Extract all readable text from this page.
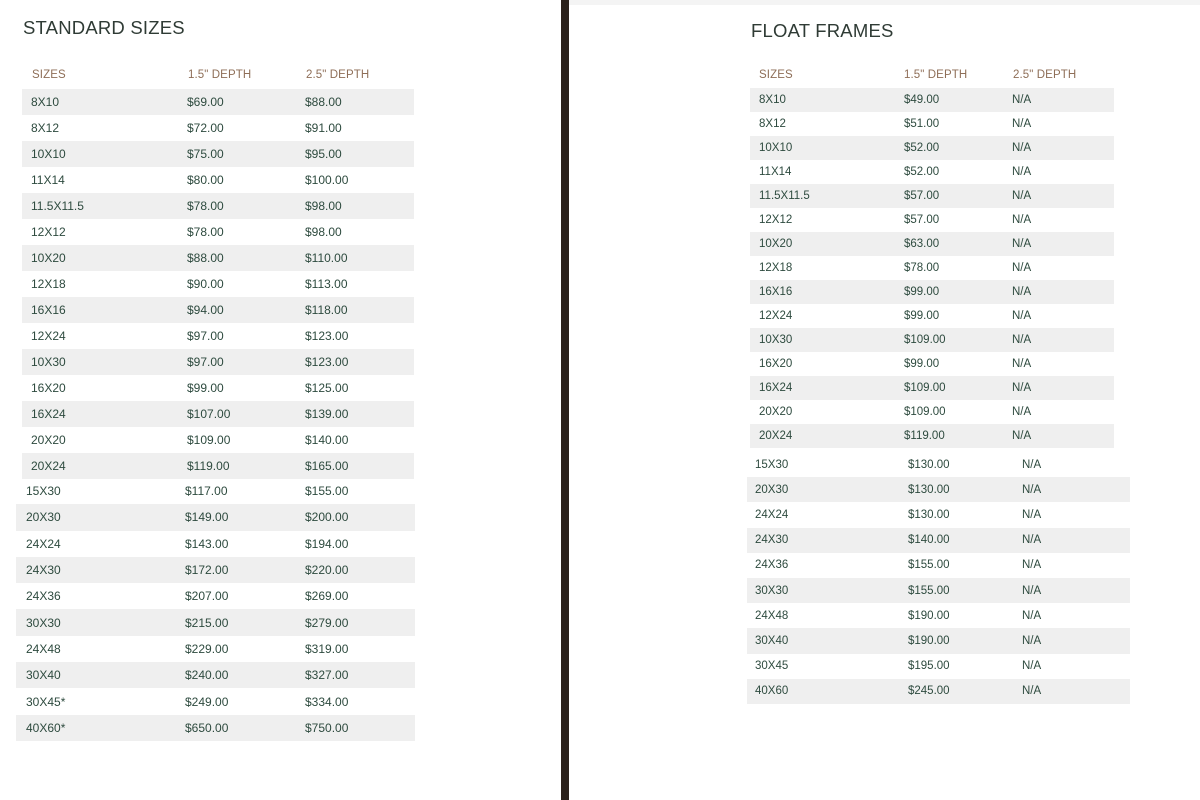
STANDARD SIZES
SIZES	1.5" DEPTH	2.5" DEPTH
8X10	$69.00	$88.00
8X12	$72.00	$91.00
10X10	$75.00	$95.00
11X14	$80.00	$100.00
11.5X11.5	$78.00	$98.00
12X12	$78.00	$98.00
10X20	$88.00	$110.00
12X18	$90.00	$113.00
16X16	$94.00	$118.00
12X24	$97.00	$123.00
10X30	$97.00	$123.00
16X20	$99.00	$125.00
16X24	$107.00	$139.00
20X20	$109.00	$140.00
20X24	$119.00	$165.00
15X30	$117.00	$155.00
20X30	$149.00	$200.00
24X24	$143.00	$194.00
24X30	$172.00	$220.00
24X36	$207.00	$269.00
30X30	$215.00	$279.00
24X48	$229.00	$319.00
30X40	$240.00	$327.00
30X45*	$249.00	$334.00
40X60*	$650.00	$750.00
FLOAT FRAMES
SIZES	1.5" DEPTH	2.5" DEPTH
8X10	$49.00	N/A
8X12	$51.00	N/A
10X10	$52.00	N/A
11X14	$52.00	N/A
11.5X11.5	$57.00	N/A
12X12	$57.00	N/A
10X20	$63.00	N/A
12X18	$78.00	N/A
16X16	$99.00	N/A
12X24	$99.00	N/A
10X30	$109.00	N/A
16X20	$99.00	N/A
16X24	$109.00	N/A
20X20	$109.00	N/A
20X24	$119.00	N/A
15X30	$130.00	N/A
20X30	$130.00	N/A
24X24	$130.00	N/A
24X30	$140.00	N/A
24X36	$155.00	N/A
30X30	$155.00	N/A
24X48	$190.00	N/A
30X40	$190.00	N/A
30X45	$195.00	N/A
40X60	$245.00	N/A
